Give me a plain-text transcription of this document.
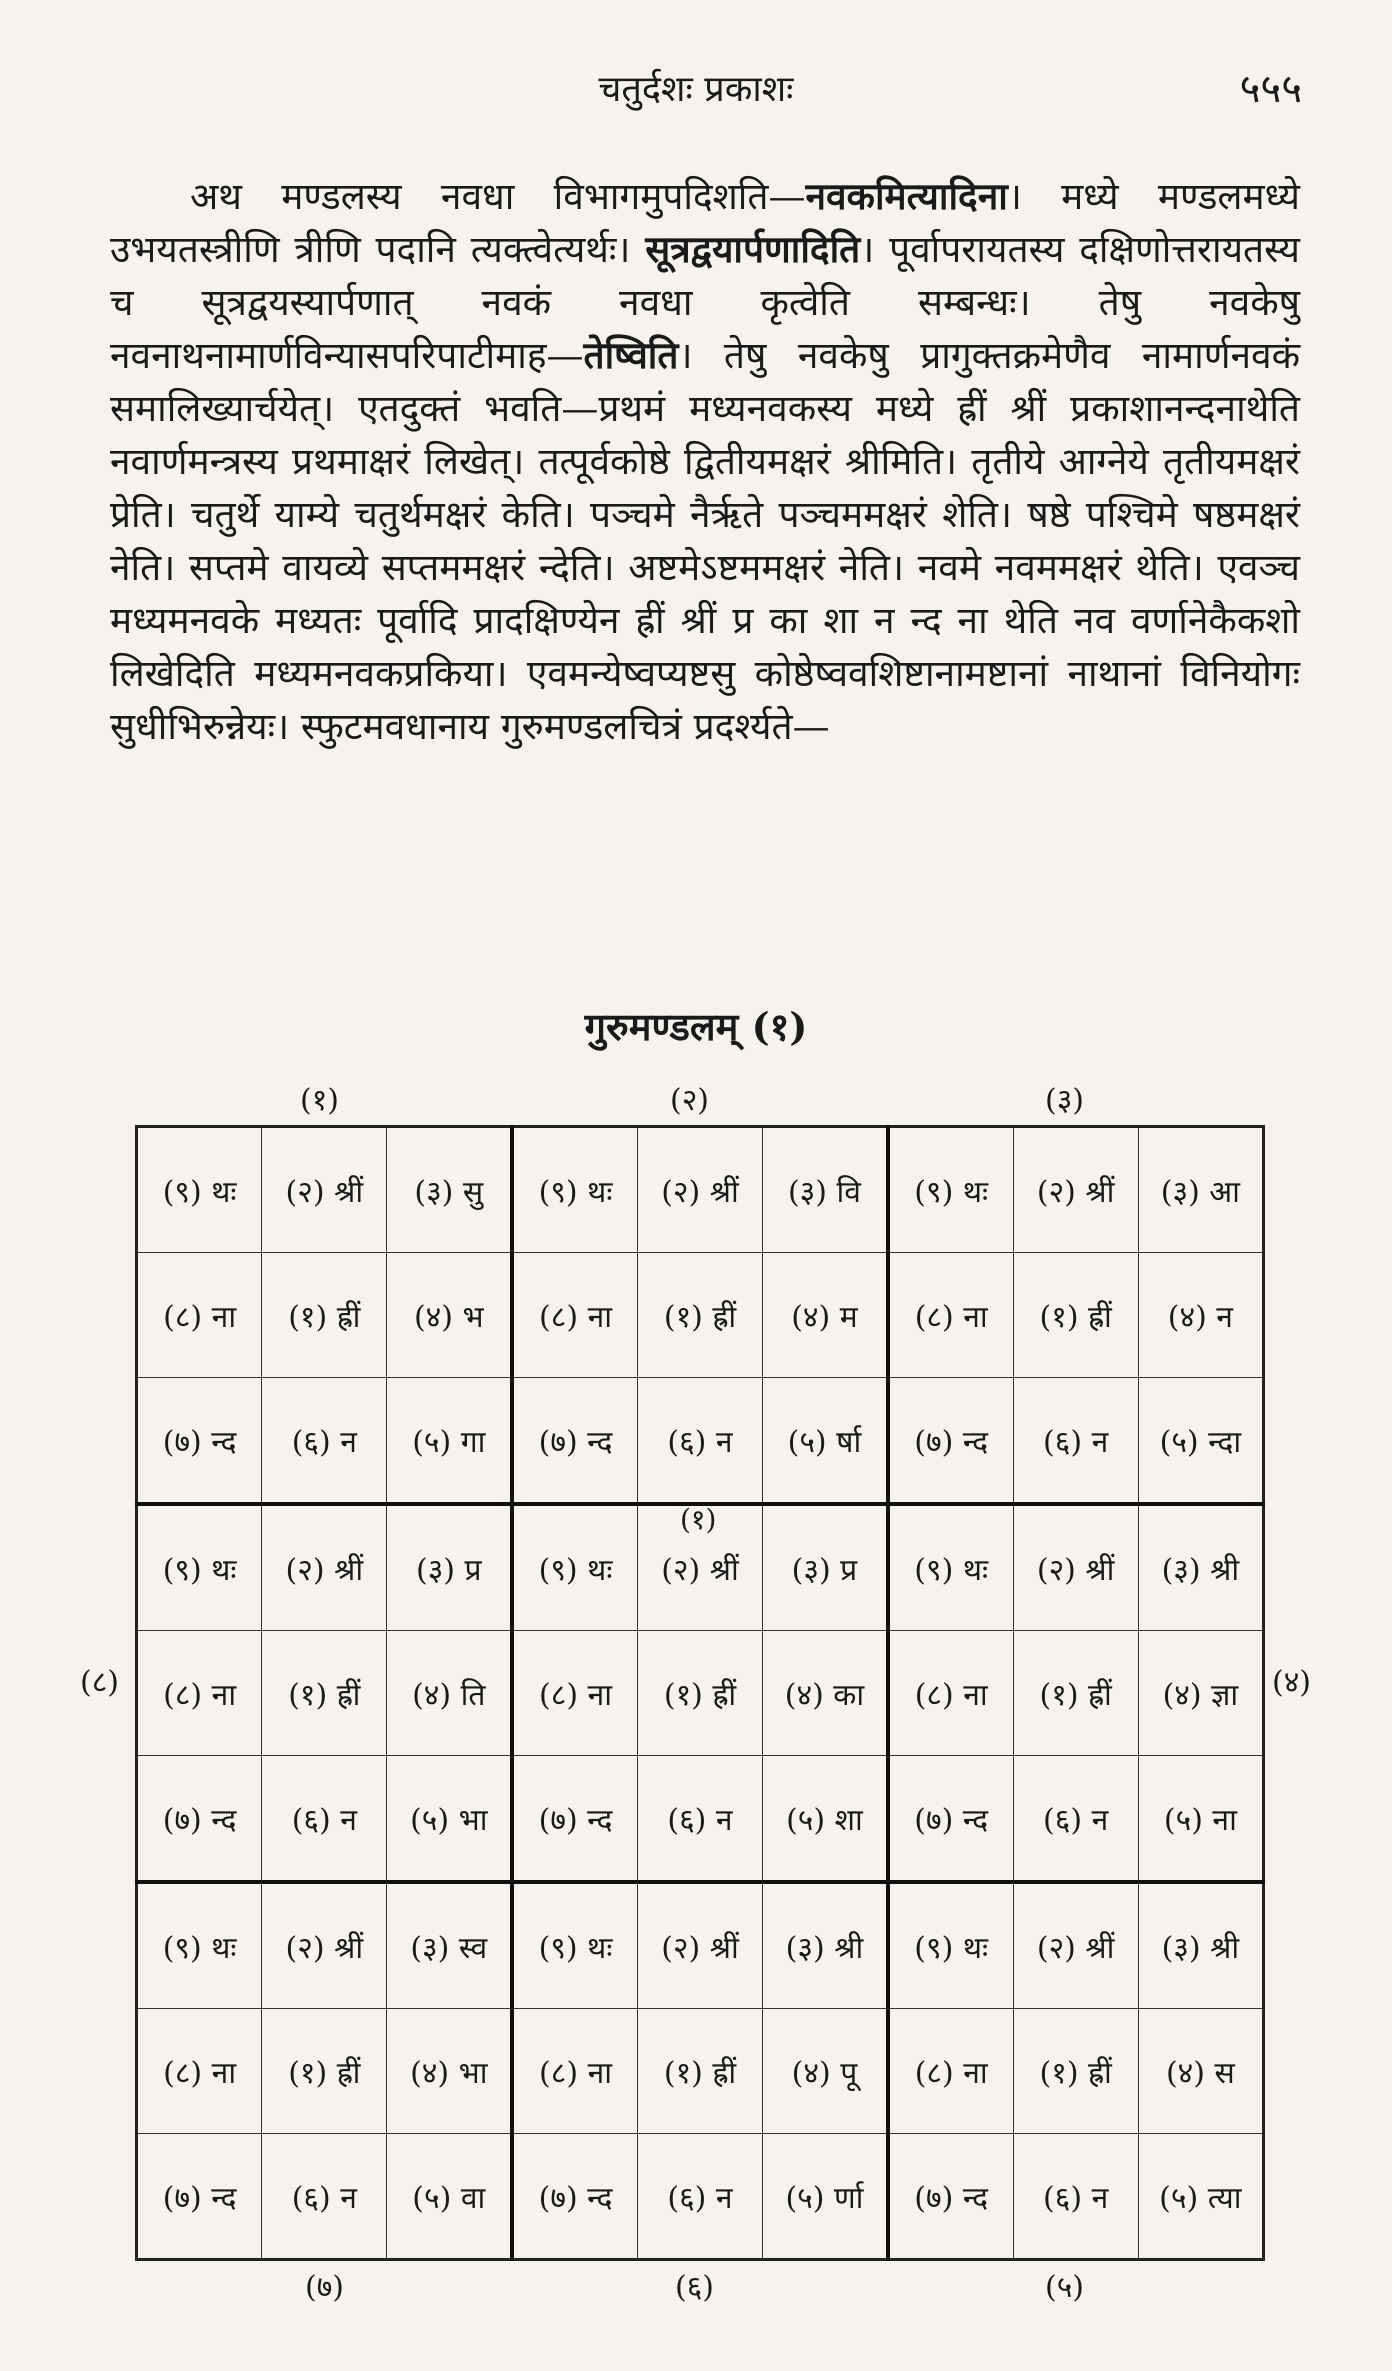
चतुर्दशः प्रकाशः	५५५

अथ मण्डलस्य नवधा विभागमुपदिशति—नवकमित्यादिना। मध्ये मण्डलमध्ये उभयतस्त्रीणि त्रीणि पदानि त्यक्त्वेत्यर्थः। सूत्रद्वयार्पणादिति। पूर्वापरायतस्य दक्षिणोत्तरायतस्य च सूत्रद्वयस्यार्पणात् नवकं नवधा कृत्वेति सम्बन्धः। तेषु नवकेषु नवनाथनामार्णविन्यासपरिपाटीमाह—तेष्विति। तेषु नवकेषु प्रागुक्तक्रमेणैव नामार्णनवकं समालिख्यार्चयेत्। एतदुक्तं भवति—प्रथमं मध्यनवकस्य मध्ये ह्रीं श्रीं प्रकाशानन्दनाथेति नवार्णमन्त्रस्य प्रथमाक्षरं लिखेत्। तत्पूर्वकोष्ठे द्वितीयमक्षरं श्रीमिति। तृतीये आग्नेये तृतीयमक्षरं प्रेति। चतुर्थे याम्ये चतुर्थमक्षरं केति। पञ्चमे नैर्ऋते पञ्चममक्षरं शेति। षष्ठे पश्चिमे षष्ठमक्षरं नेति। सप्तमे वायव्ये सप्तममक्षरं न्देति। अष्टमेऽष्टममक्षरं नेति। नवमे नवममक्षरं थेति। एवञ्च मध्यमनवके मध्यतः पूर्वादि प्रादक्षिण्येन ह्रीं श्रीं प्र का शा न न्द ना थेति नव वर्णानेकैकशो लिखेदिति मध्यमनवकप्रकिया। एवमन्येष्वप्यष्टसु कोष्ठेष्ववशिष्टानामष्टानां नाथानां विनियोगः सुधीभिरुन्नेयः। स्फुटमवधानाय गुरुमण्डलचित्रं प्रदर्श्यते—

गुरुमण्डलम् (१)
(१)	(२)	(३)
(८)	(४)
(७)	(६)	(५)
(९) थः	(२) श्रीं	(३) सु	(९) थः	(२) श्रीं	(३) वि	(९) थः	(२) श्रीं	(३) आ
(८) ना	(१) ह्रीं	(४) भ	(८) ना	(१) ह्रीं	(४) म	(८) ना	(१) ह्रीं	(४) न
(७) न्द	(६) न	(५) गा	(७) न्द	(६) न	(५) र्षा	(७) न्द	(६) न	(५) न्दा
(९) थः	(२) श्रीं	(३) प्र	(९) थः	(२) श्रीं	(३) प्र	(९) थः	(२) श्रीं	(३) श्री
(८) ना	(१) ह्रीं	(४) ति	(८) ना	(१) ह्रीं	(४) का	(८) ना	(१) ह्रीं	(४) ज्ञा
(७) न्द	(६) न	(५) भा	(७) न्द	(६) न	(५) शा	(७) न्द	(६) न	(५) ना
(९) थः	(२) श्रीं	(३) स्व	(९) थः	(२) श्रीं	(३) श्री	(९) थः	(२) श्रीं	(३) श्री
(८) ना	(१) ह्रीं	(४) भा	(८) ना	(१) ह्रीं	(४) पू	(८) ना	(१) ह्रीं	(४) स
(७) न्द	(६) न	(५) वा	(७) न्द	(६) न	(५) र्णा	(७) न्द	(६) न	(५) त्या
(१)
